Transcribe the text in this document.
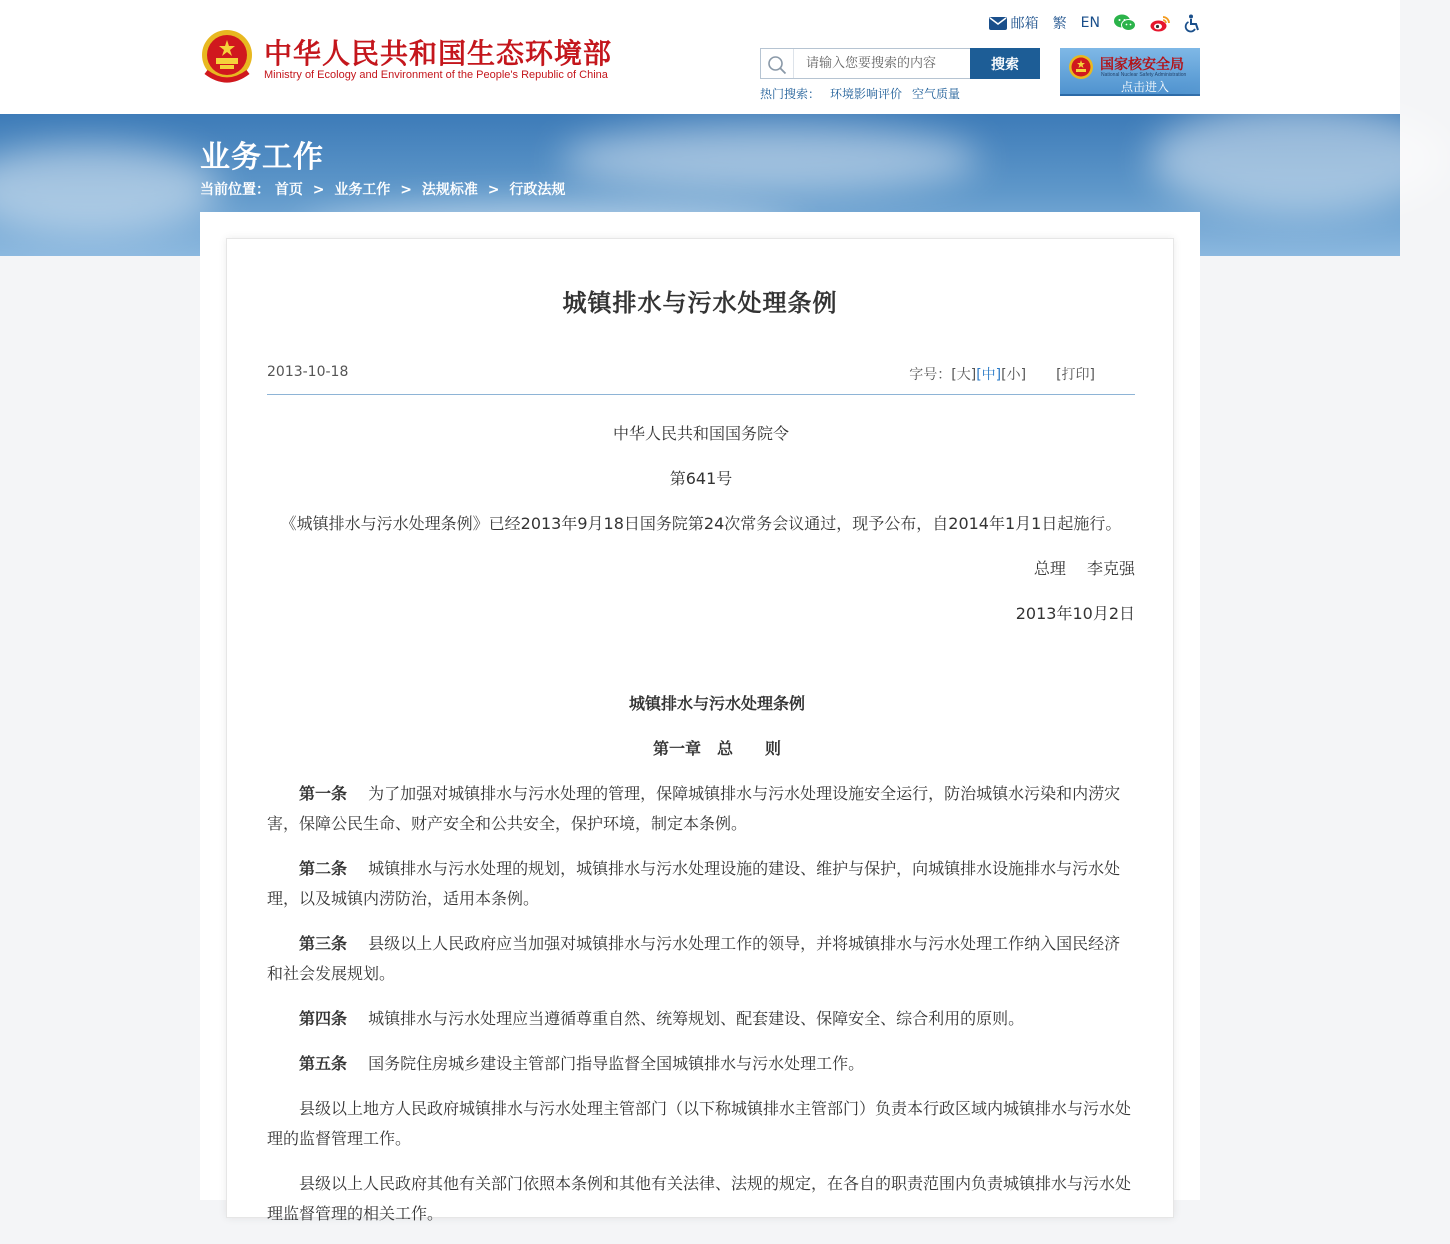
中华人民共和国生态环境部
Ministry of Ecology and Environment of the People's Republic of China
邮箱 繁 EN
请输入您要搜索的内容
搜索
热门搜索： 环境影响评价 空气质量
国家核安全局
National Nuclear Safety Administration
点击进入
业务工作
当前位置： 首页 > 业务工作 > 法规标准 > 行政法规
城镇排水与污水处理条例
2013-10-18	字号：[大][中][小] [打印]

中华人民共和国国务院令

第641号

《城镇排水与污水处理条例》已经2013年9月18日国务院第24次常务会议通过，现予公布，自2014年1月1日起施行。

总理　 李克强

2013年10月2日

城镇排水与污水处理条例

第一章　总　　则

第一条　 为了加强对城镇排水与污水处理的管理，保障城镇排水与污水处理设施安全运行，防治城镇水污染和内涝灾害，保障公民生命、财产安全和公共安全，保护环境，制定本条例。

第二条　 城镇排水与污水处理的规划，城镇排水与污水处理设施的建设、维护与保护，向城镇排水设施排水与污水处理，以及城镇内涝防治，适用本条例。

第三条　 县级以上人民政府应当加强对城镇排水与污水处理工作的领导，并将城镇排水与污水处理工作纳入国民经济和社会发展规划。

第四条　 城镇排水与污水处理应当遵循尊重自然、统筹规划、配套建设、保障安全、综合利用的原则。

第五条　 国务院住房城乡建设主管部门指导监督全国城镇排水与污水处理工作。

县级以上地方人民政府城镇排水与污水处理主管部门（以下称城镇排水主管部门）负责本行政区域内城镇排水与污水处理的监督管理工作。

县级以上人民政府其他有关部门依照本条例和其他有关法律、法规的规定，在各自的职责范围内负责城镇排水与污水处理监督管理的相关工作。
